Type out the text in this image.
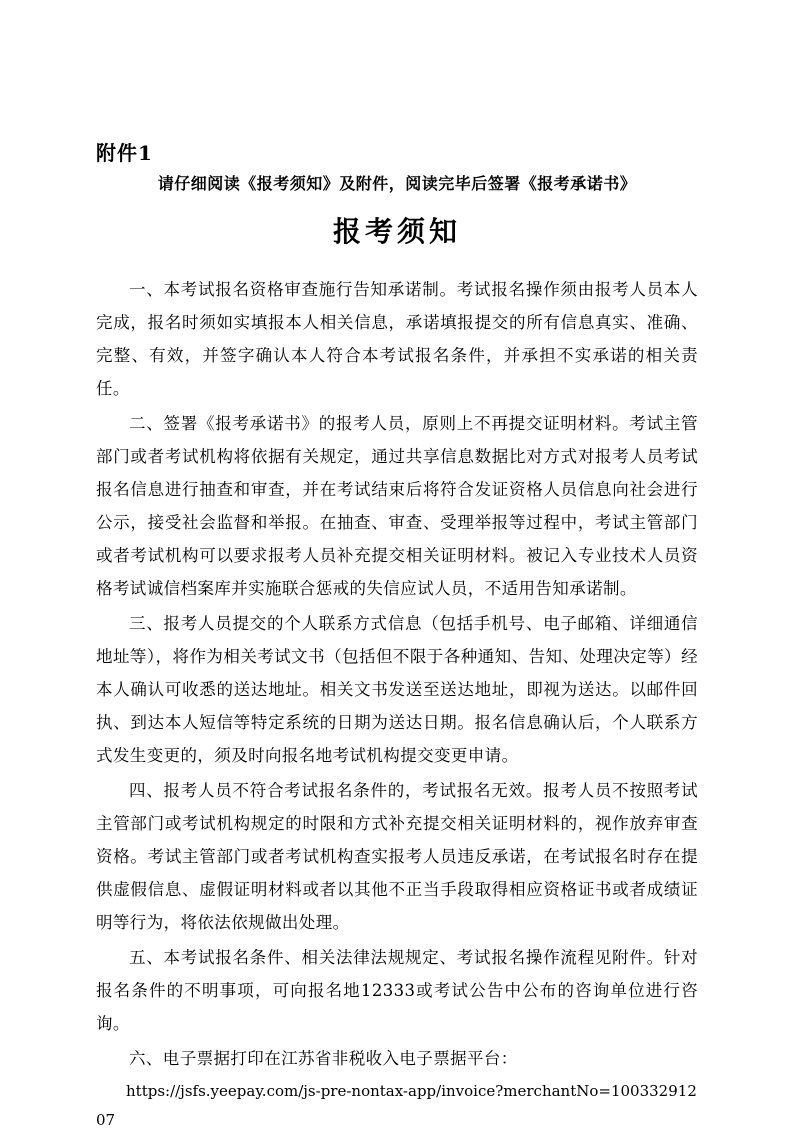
附件1
请仔细阅读《报考须知》及附件，阅读完毕后签署《报考承诺书》
报考须知

一、本考试报名资格审查施行告知承诺制。考试报名操作须由报考人员本人完成，报名时须如实填报本人相关信息，承诺填报提交的所有信息真实、准确、完整、有效，并签字确认本人符合本考试报名条件，并承担不实承诺的相关责任。

二、签署《报考承诺书》的报考人员，原则上不再提交证明材料。考试主管部门或者考试机构将依据有关规定，通过共享信息数据比对方式对报考人员考试报名信息进行抽查和审查，并在考试结束后将符合发证资格人员信息向社会进行公示，接受社会监督和举报。在抽查、审查、受理举报等过程中，考试主管部门或者考试机构可以要求报考人员补充提交相关证明材料。被记入专业技术人员资格考试诚信档案库并实施联合惩戒的失信应试人员，不适用告知承诺制。

三、报考人员提交的个人联系方式信息（包括手机号、电子邮箱、详细通信地址等），将作为相关考试文书（包括但不限于各种通知、告知、处理决定等）经本人确认可收悉的送达地址。相关文书发送至送达地址，即视为送达。以邮件回执、到达本人短信等特定系统的日期为送达日期。报名信息确认后，个人联系方式发生变更的，须及时向报名地考试机构提交变更申请。

四、报考人员不符合考试报名条件的，考试报名无效。报考人员不按照考试主管部门或考试机构规定的时限和方式补充提交相关证明材料的，视作放弃审查资格。考试主管部门或者考试机构查实报考人员违反承诺，在考试报名时存在提供虚假信息、虚假证明材料或者以其他不正当手段取得相应资格证书或者成绩证明等行为，将依法依规做出处理。

五、本考试报名条件、相关法律法规规定、考试报名操作流程见附件。针对报名条件的不明事项，可向报名地12333或考试公告中公布的咨询单位进行咨询。

六、电子票据打印在江苏省非税收入电子票据平台：

https://jsfs.yeepay.com/js-pre-nontax-app/invoice?merchantNo=10033291207
